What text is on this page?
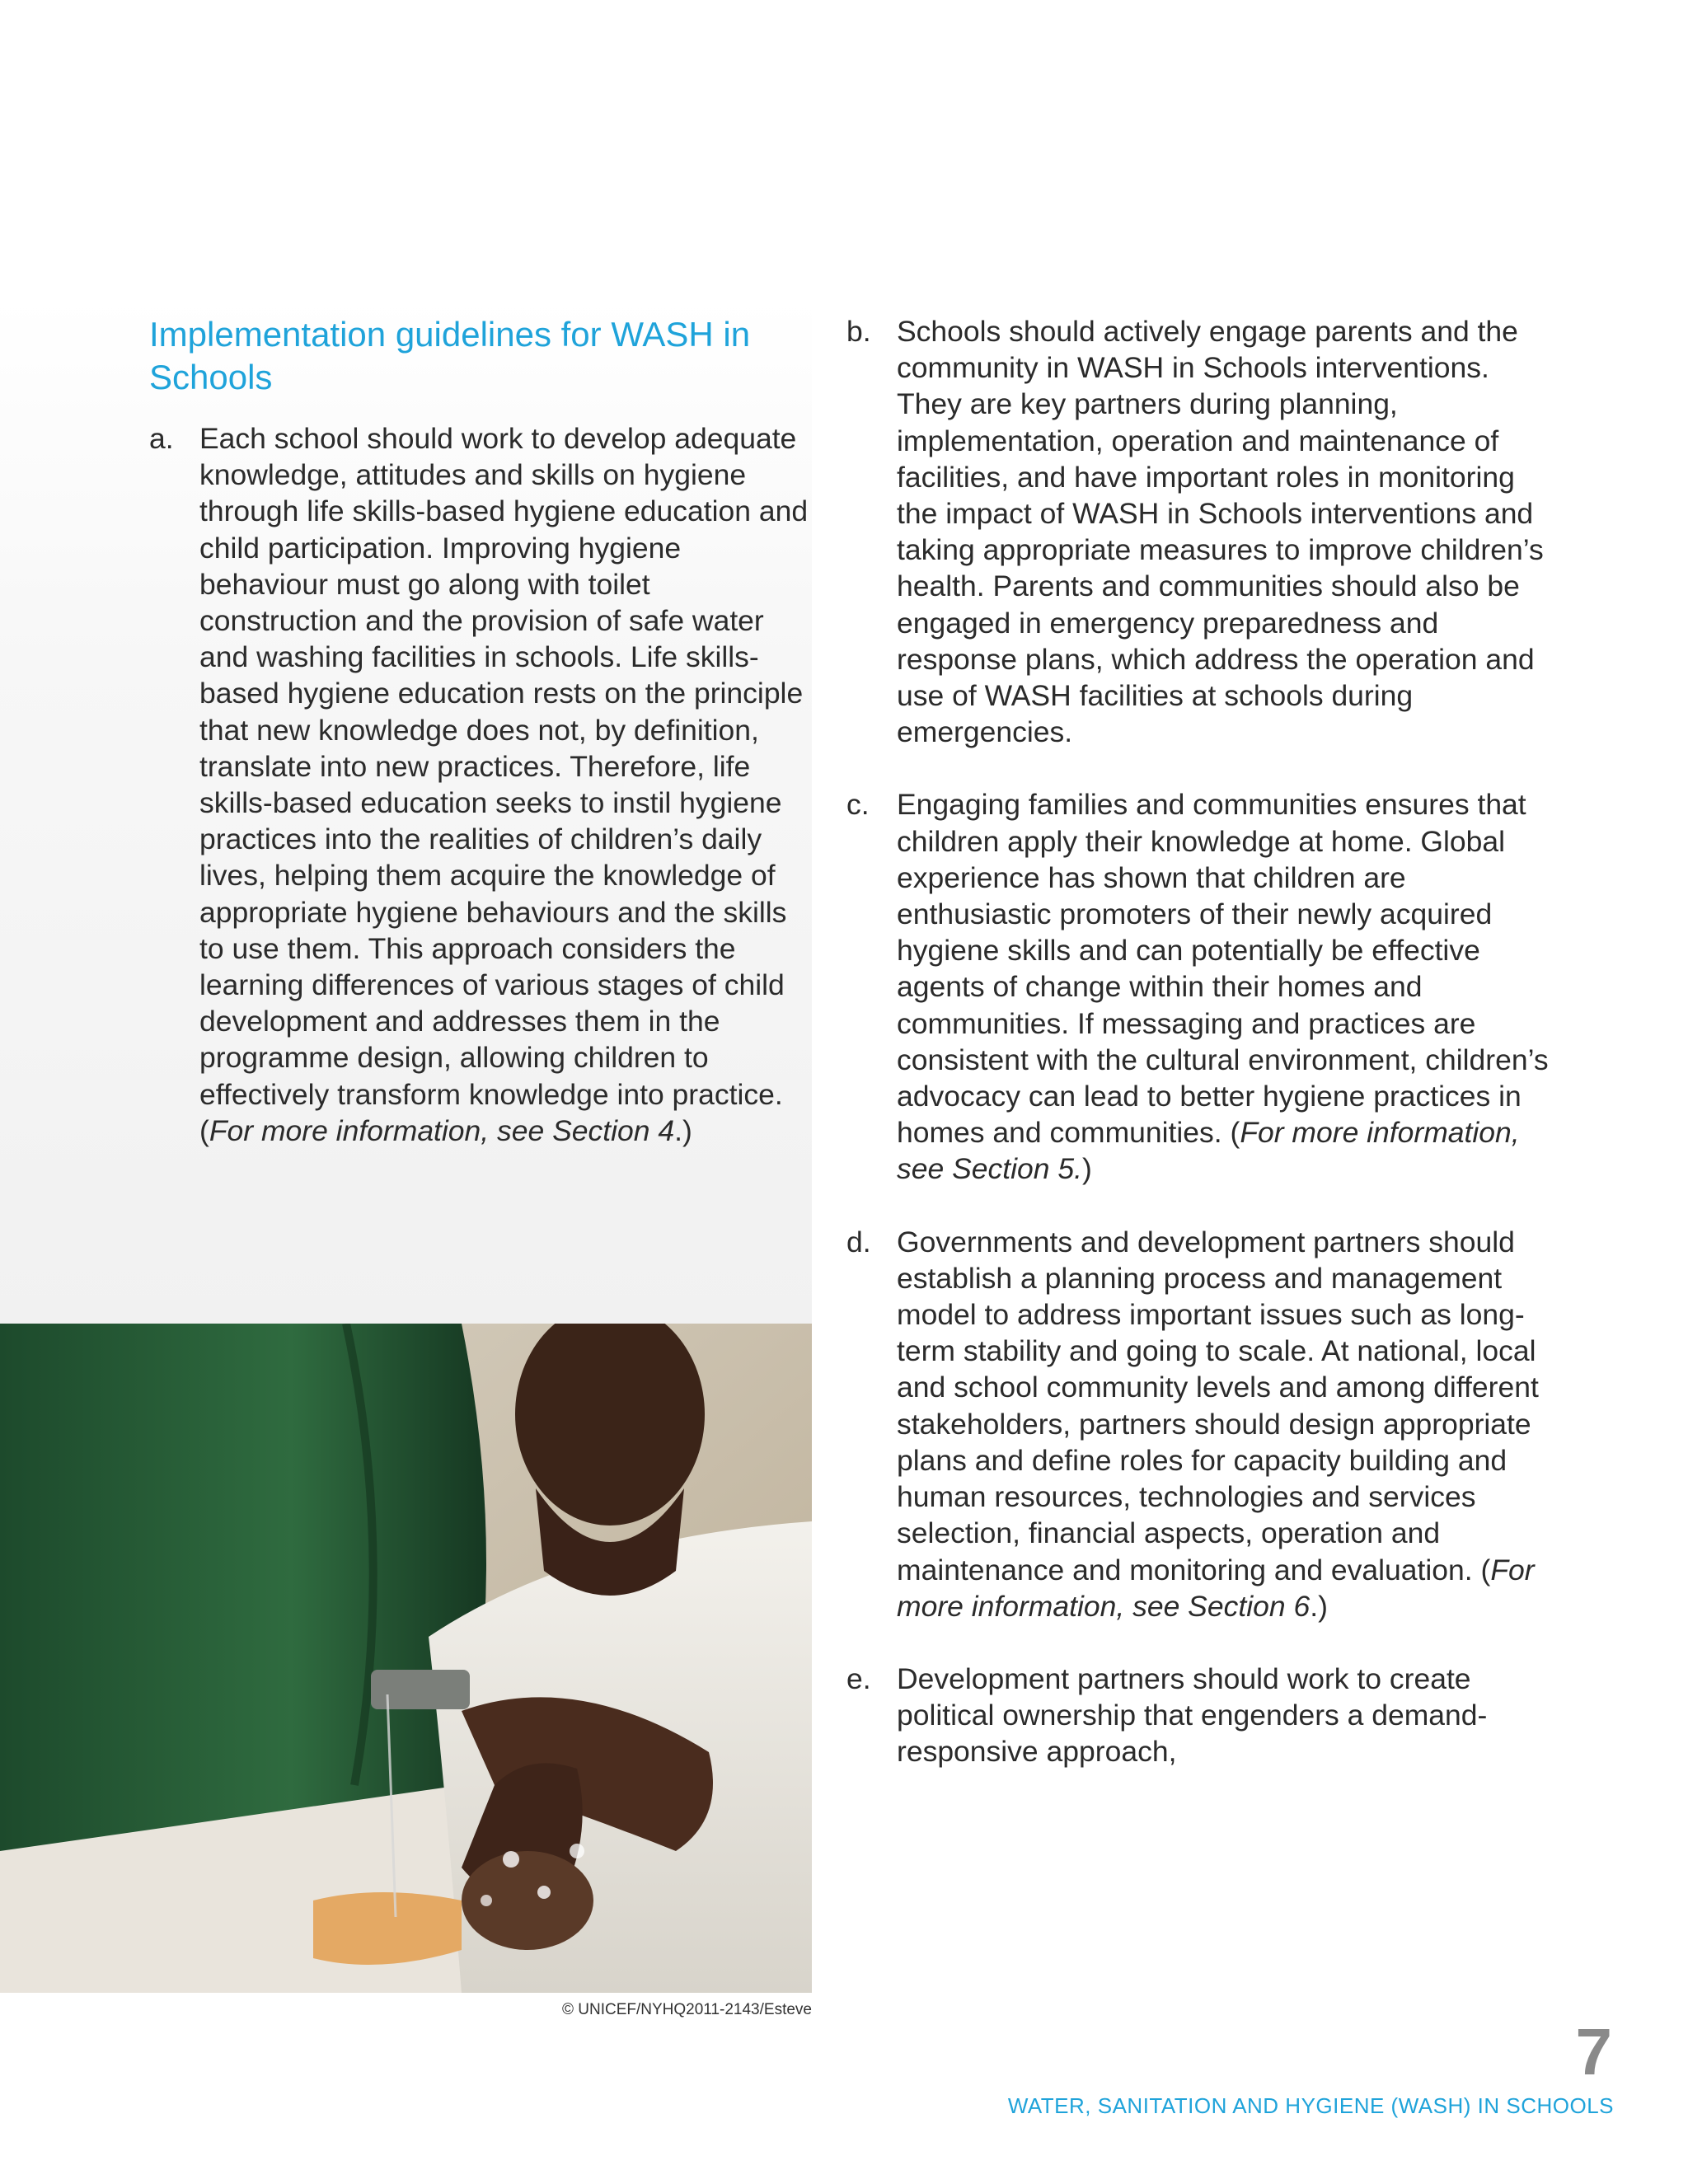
Implementation guidelines for WASH in Schools
a. Each school should work to develop adequate knowledge, attitudes and skills on hygiene through life skills-based hygiene education and child participation. Improving hygiene behaviour must go along with toilet construction and the provision of safe water and washing facilities in schools. Life skills-based hygiene education rests on the principle that new knowledge does not, by definition, translate into new practices. Therefore, life skills-based education seeks to instil hygiene practices into the realities of children’s daily lives, helping them acquire the knowledge of appropriate hygiene behaviours and the skills to use them. This approach considers the learning differences of various stages of child development and addresses them in the programme design, allowing children to effectively transform knowledge into practice. (For more information, see Section 4.)
b. Schools should actively engage parents and the community in WASH in Schools interventions. They are key partners during planning, implementation, operation and maintenance of facilities, and have important roles in monitoring the impact of WASH in Schools interventions and taking appropriate measures to improve children’s health. Parents and communities should also be engaged in emergency preparedness and response plans, which address the operation and use of WASH facilities at schools during emergencies.
c. Engaging families and communities ensures that children apply their knowledge at home. Global experience has shown that children are enthusiastic promoters of their newly acquired hygiene skills and can potentially be effective agents of change within their homes and communities. If messaging and practices are consistent with the cultural environment, children’s advocacy can lead to better hygiene practices in homes and communities. (For more information, see Section 5.)
d. Governments and development partners should establish a planning process and management model to address important issues such as long-term stability and going to scale. At national, local and school community levels and among different stakeholders, partners should design appropriate plans and define roles for capacity building and human resources, technologies and services selection, financial aspects, operation and maintenance and monitoring and evaluation. (For more information, see Section 6.)
e. Development partners should work to create political ownership that engenders a demand-responsive approach,
© UNICEF/NYHQ2011-2143/Esteve
7
WATER, SANITATION AND HYGIENE (WASH) IN SCHOOLS
